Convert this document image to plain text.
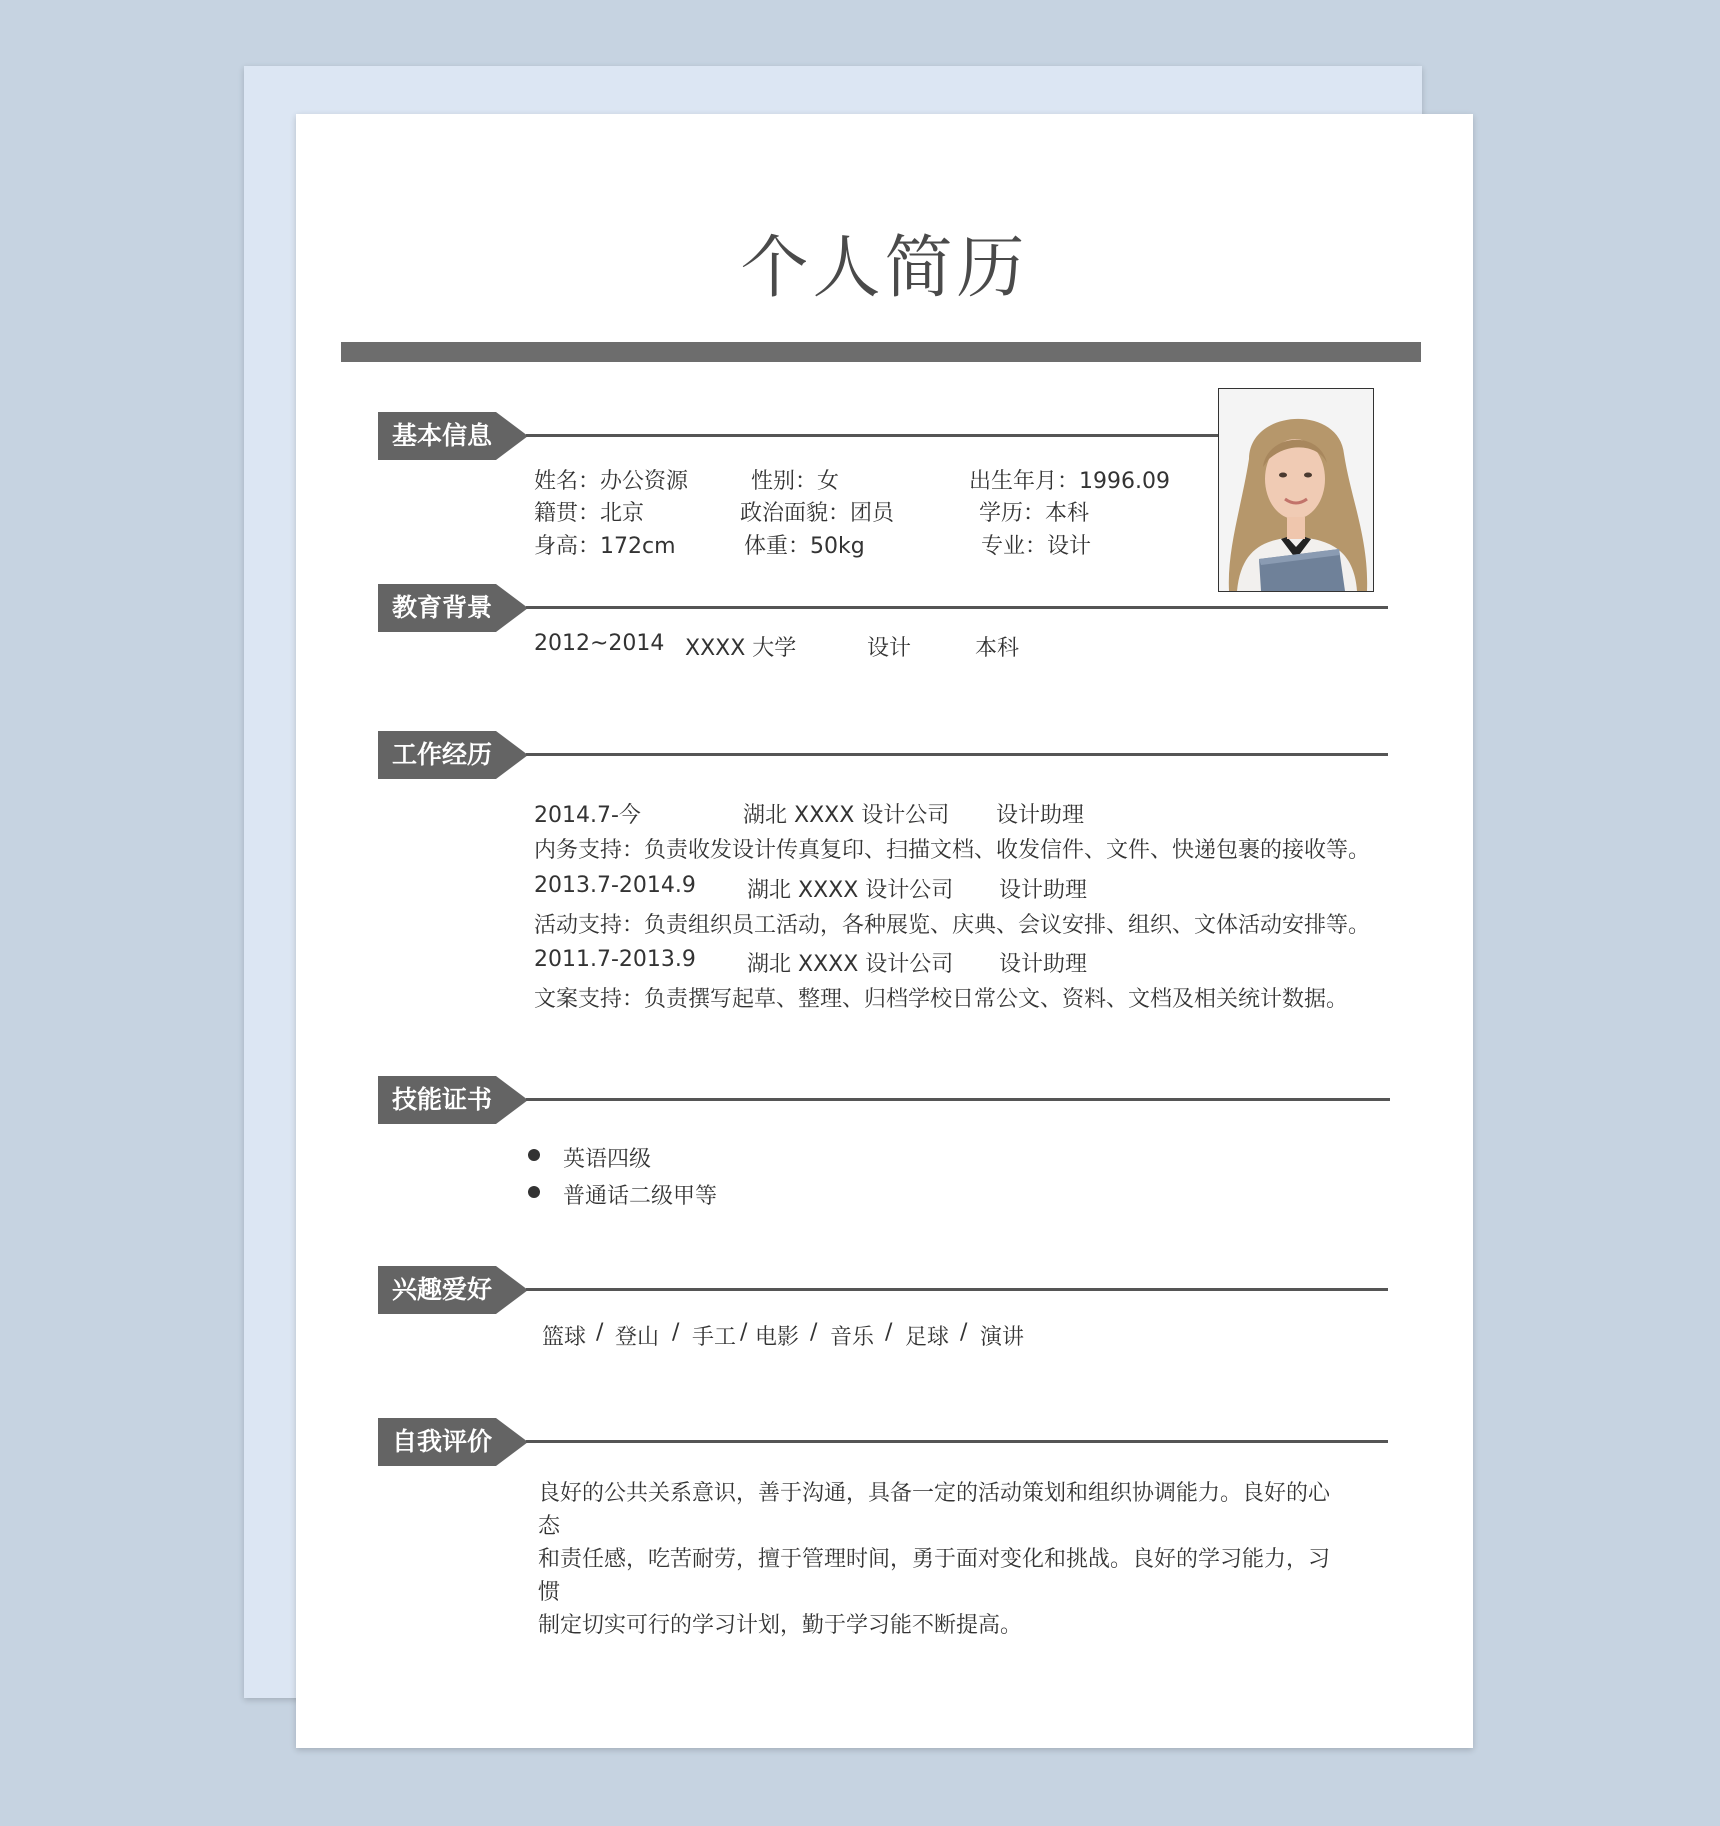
个人简历
基本信息
姓名：办公资源	性别：女	出生年月：1996.09
籍贯：北京	政治面貌：团员	学历：本科
身高：172cm	体重：50kg	专业：设计
教育背景
2012~2014 XXXX 大学	设计	本科
工作经历
2014.7-今	湖北 XXXX 设计公司 设计助理
内务支持：负责收发设计传真复印、扫描文档、收发信件、文件、快递包裹的接收等。
2013.7-2014.9 湖北 XXXX 设计公司 设计助理
活动支持：负责组织员工活动，各种展览、庆典、会议安排、组织、文体活动安排等。
2011.7-2013.9 湖北 XXXX 设计公司 设计助理
文案支持：负责撰写起草、整理、归档学校日常公文、资料、文档及相关统计数据。
技能证书
英语四级
普通话二级甲等
兴趣爱好
篮球 / 登山 / 手工 / 电影 / 音乐 / 足球 / 演讲
自我评价
良好的公共关系意识，善于沟通，具备一定的活动策划和组织协调能力。良好的心态
和责任感，吃苦耐劳，擅于管理时间，勇于面对变化和挑战。良好的学习能力，习惯
制定切实可行的学习计划，勤于学习能不断提高。
